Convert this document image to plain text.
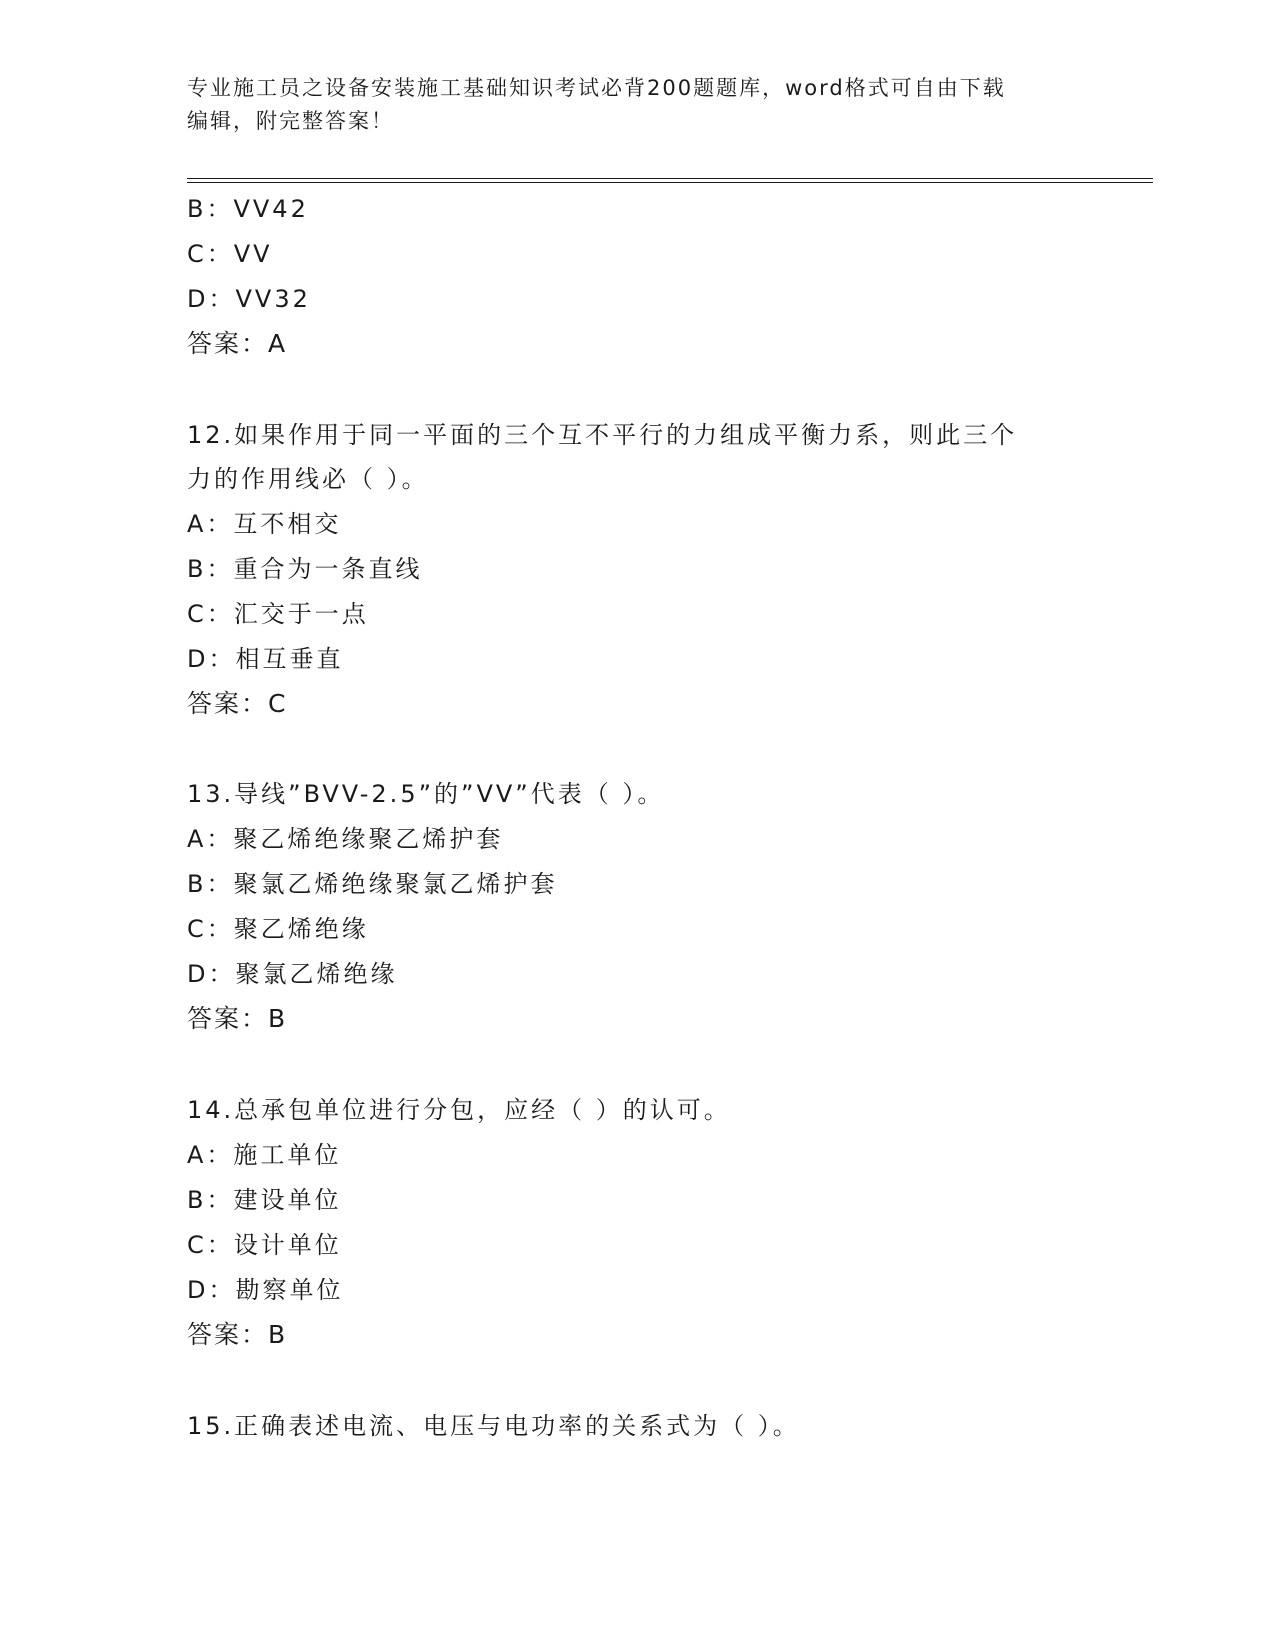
专业施工员之设备安装施工基础知识考试必背200题题库，word格式可自由下载
编辑，附完整答案！
B：VV42
C：VV
D：VV32
答案：A
12.如果作用于同一平面的三个互不平行的力组成平衡力系，则此三个
力的作用线必（ ）。
A：互不相交
B：重合为一条直线
C：汇交于一点
D：相互垂直
答案：C
13.导线”BVV-2.5”的”VV”代表（ ）。
A：聚乙烯绝缘聚乙烯护套
B：聚氯乙烯绝缘聚氯乙烯护套
C：聚乙烯绝缘
D：聚氯乙烯绝缘
答案：B
14.总承包单位进行分包，应经（ ）的认可。
A：施工单位
B：建设单位
C：设计单位
D：勘察单位
答案：B
15.正确表述电流、电压与电功率的关系式为（ ）。
